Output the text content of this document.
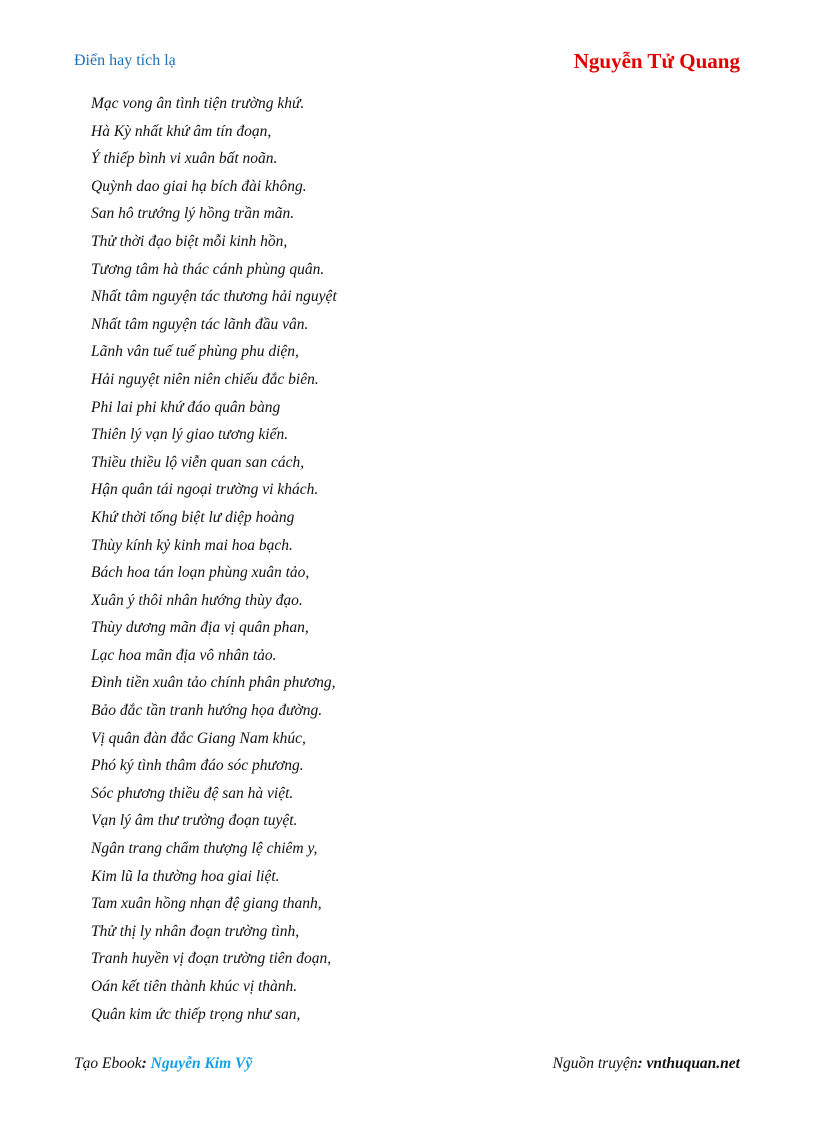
Điển hay tích lạ	Nguyễn Tử Quang
Mạc vong ân tình tiện trường khứ.
Hà Kỳ nhất khứ âm tín đoạn,
Ý thiếp bình vi xuân bất noãn.
Quỳnh dao giai hạ bích đài không.
San hô trướng lý hồng trần mãn.
Thử thời đạo biệt mỗi kinh hồn,
Tương tâm hà thác cánh phùng quân.
Nhất tâm nguyện tác thương hải nguyệt
Nhất tâm nguyện tác lãnh đầu vân.
Lãnh vân tuế tuế phùng phu diện,
Hải nguyệt niên niên chiếu đắc biên.
Phi lai phi khứ đáo quân bàng
Thiên lý vạn lý giao tương kiến.
Thiều thiều lộ viễn quan san cách,
Hận quân tái ngoại trường vi khách.
Khứ thời tống biệt lư diệp hoàng
Thùy kính kỷ kinh mai hoa bạch.
Bách hoa tán loạn phùng xuân tảo,
Xuân ý thôi nhân hướng thùy đạo.
Thùy dương mãn địa vị quân phan,
Lạc hoa mãn địa vô nhân tảo.
Đình tiền xuân tảo chính phân phương,
Bảo đắc tần tranh hướng họa đường.
Vị quân đàn đắc Giang Nam khúc,
Phó ký tình thâm đáo sóc phương.
Sóc phương thiều đệ san hà việt.
Vạn lý âm thư trường đoạn tuyệt.
Ngân trang chẩm thượng lệ chiêm y,
Kim lũ la thường hoa giai liệt.
Tam xuân hồng nhạn đệ giang thanh,
Thử thị ly nhân đoạn trường tình,
Tranh huyền vị đoạn trường tiên đoạn,
Oán kết tiên thành khúc vị thành.
Quân kim ức thiếp trọng như san,
Tạo Ebook: Nguyễn Kim Vỹ	Nguồn truyện: vnthuquan.net
